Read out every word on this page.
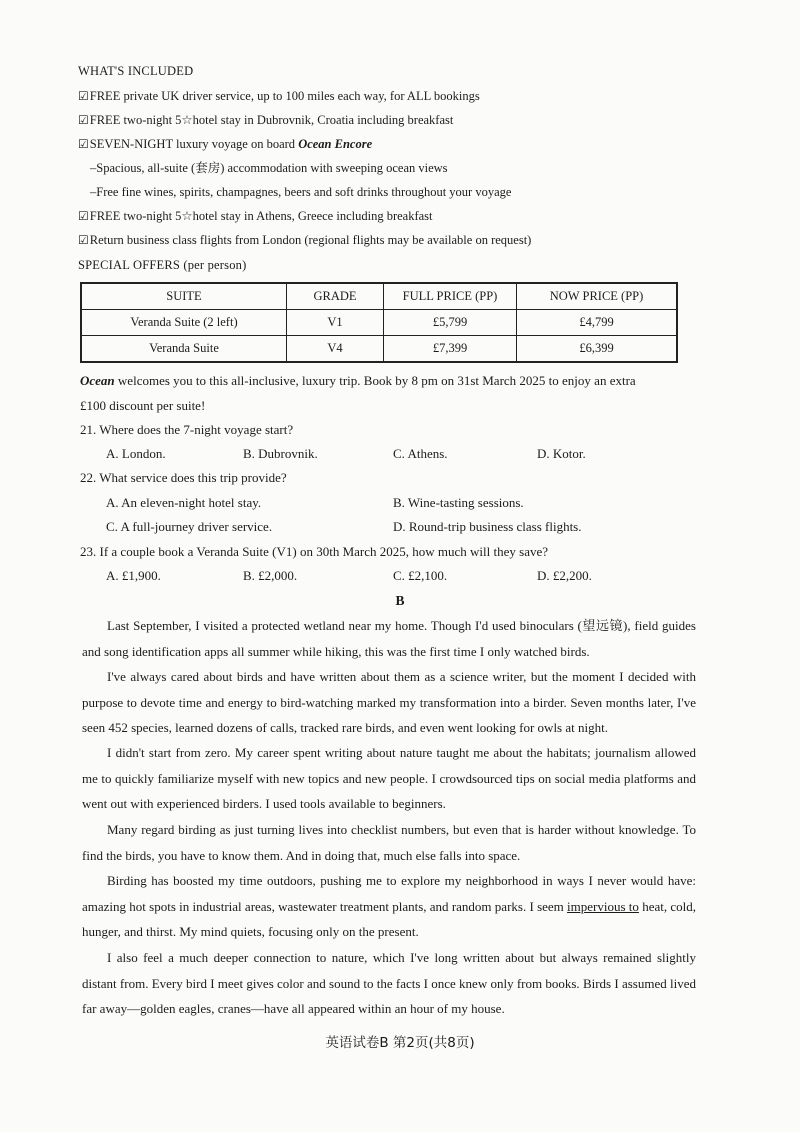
WHAT'S INCLUDED
☑FREE private UK driver service, up to 100 miles each way, for ALL bookings
☑FREE two-night 5☆hotel stay in Dubrovnik, Croatia including breakfast
☑SEVEN-NIGHT luxury voyage on board Ocean Encore
–Spacious, all-suite (套房) accommodation with sweeping ocean views
–Free fine wines, spirits, champagnes, beers and soft drinks throughout your voyage
☑FREE two-night 5☆hotel stay in Athens, Greece including breakfast
☑Return business class flights from London (regional flights may be available on request)
SPECIAL OFFERS (per person)
SUITE	GRADE	FULL PRICE (PP)	NOW PRICE (PP)
Veranda Suite (2 left)	V1	£5,799	£4,799
Veranda Suite	V4	£7,399	£6,399
Ocean welcomes you to this all-inclusive, luxury trip. Book by 8 pm on 31st March 2025 to enjoy an extra
£100 discount per suite!
21. Where does the 7-night voyage start?
A. London.	B. Dubrovnik.	C. Athens.	D. Kotor.
22. What service does this trip provide?
A. An eleven-night hotel stay.	B. Wine-tasting sessions.
C. A full-journey driver service.	D. Round-trip business class flights.
23. If a couple book a Veranda Suite (V1) on 30th March 2025, how much will they save?
A. £1,900.	B. £2,000.	C. £2,100.	D. £2,200.
B
Last September, I visited a protected wetland near my home. Though I'd used binoculars (望远镜), field guides and song identification apps all summer while hiking, this was the first time I only watched birds.
I've always cared about birds and have written about them as a science writer, but the moment I decided with purpose to devote time and energy to bird-watching marked my transformation into a birder. Seven months later, I've seen 452 species, learned dozens of calls, tracked rare birds, and even went looking for owls at night.
I didn't start from zero. My career spent writing about nature taught me about the habitats; journalism allowed me to quickly familiarize myself with new topics and new people. I crowdsourced tips on social media platforms and went out with experienced birders. I used tools available to beginners.
Many regard birding as just turning lives into checklist numbers, but even that is harder without knowledge. To find the birds, you have to know them. And in doing that, much else falls into space.
Birding has boosted my time outdoors, pushing me to explore my neighborhood in ways I never would have: amazing hot spots in industrial areas, wastewater treatment plants, and random parks. I seem impervious to heat, cold, hunger, and thirst. My mind quiets, focusing only on the present.
I also feel a much deeper connection to nature, which I've long written about but always remained slightly distant from. Every bird I meet gives color and sound to the facts I once knew only from books. Birds I assumed lived far away—golden eagles, cranes—have all appeared within an hour of my house.
英语试卷B 第2页(共8页)
